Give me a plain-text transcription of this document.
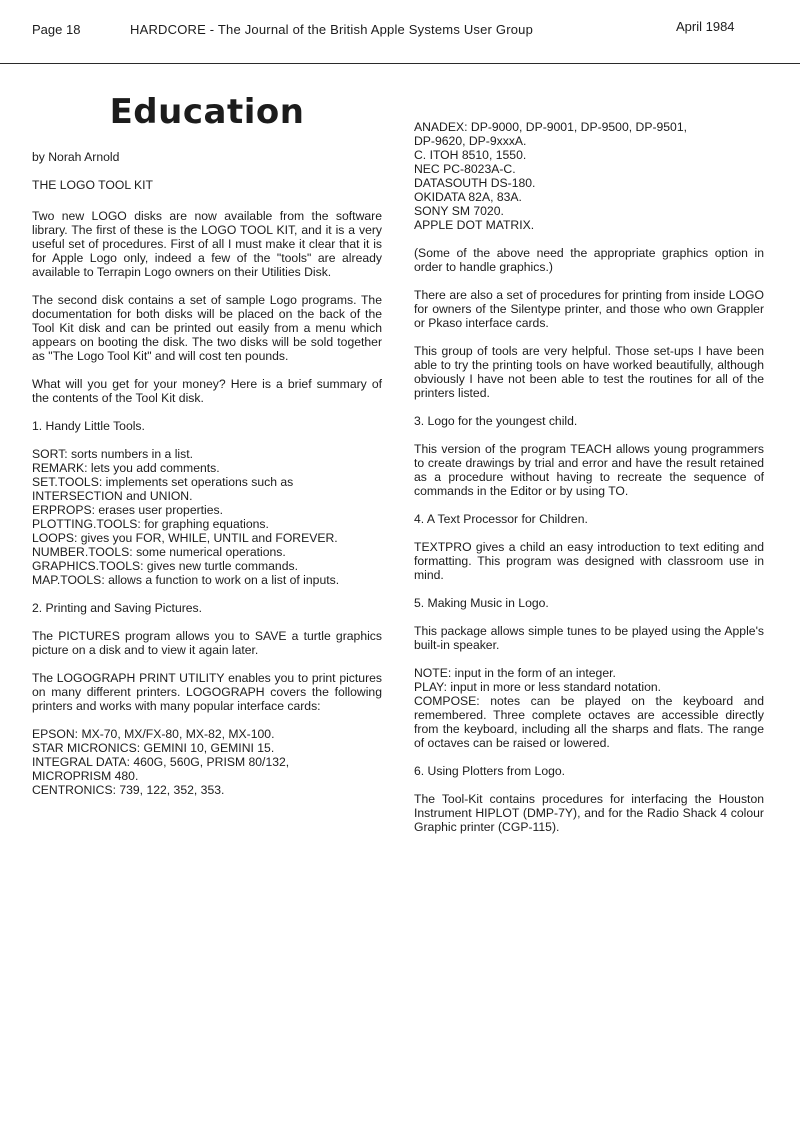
Page 18	HARDCORE - The Journal of the British Apple Systems User Group	April 1984
Education
by Norah Arnold
THE LOGO TOOL KIT

Two new LOGO disks are now available from the software library. The first of these is the LOGO TOOL KIT, and it is a very useful set of procedures. First of all I must make it clear that it is for Apple Logo only, indeed a few of the "tools" are already available to Terrapin Logo owners on their Utilities Disk.

The second disk contains a set of sample Logo programs. The documentation for both disks will be placed on the back of the Tool Kit disk and can be printed out easily from a menu which appears on booting the disk. The two disks will be sold together as "The Logo Tool Kit" and will cost ten pounds.

What will you get for your money? Here is a brief summary of the contents of the Tool Kit disk.

1. Handy Little Tools.
SORT: sorts numbers in a list.
REMARK: lets you add comments.
SET.TOOLS: implements set operations such as INTERSECTION and UNION.
ERPROPS: erases user properties.
PLOTTING.TOOLS: for graphing equations.
LOOPS: gives you FOR, WHILE, UNTIL and FOREVER.
NUMBER.TOOLS: some numerical operations.
GRAPHICS.TOOLS: gives new turtle commands.
MAP.TOOLS: allows a function to work on a list of inputs.
2. Printing and Saving Pictures.

The PICTURES program allows you to SAVE a turtle graphics picture on a disk and to view it again later.

The LOGOGRAPH PRINT UTILITY enables you to print pictures on many different printers. LOGOGRAPH covers the following printers and works with many popular interface cards:

EPSON: MX-70, MX/FX-80, MX-82, MX-100.
STAR MICRONICS: GEMINI 10, GEMINI 15.
INTEGRAL DATA: 460G, 560G, PRISM 80/132,
MICROPRISM 480.
CENTRONICS: 739, 122, 352, 353.
ANADEX: DP-9000, DP-9001, DP-9500, DP-9501,
DP-9620, DP-9xxxA.
C. ITOH 8510, 1550.
NEC PC-8023A-C.
DATASOUTH DS-180.
OKIDATA 82A, 83A.
SONY SM 7020.
APPLE DOT MATRIX.

(Some of the above need the appropriate graphics option in order to handle graphics.)

There are also a set of procedures for printing from inside LOGO for owners of the Silentype printer, and those who own Grappler or Pkaso interface cards.

This group of tools are very helpful. Those set-ups I have been able to try the printing tools on have worked beautifully, although obviously I have not been able to test the routines for all of the printers listed.

3. Logo for the youngest child.

This version of the program TEACH allows young programmers to create drawings by trial and error and have the result retained as a procedure without having to recreate the sequence of commands in the Editor or by using TO.

4. A Text Processor for Children.

TEXTPRO gives a child an easy introduction to text editing and formatting. This program was designed with classroom use in mind.

5. Making Music in Logo.

This package allows simple tunes to be played using the Apple's built-in speaker.

NOTE: input in the form of an integer.
PLAY: input in more or less standard notation.
COMPOSE: notes can be played on the keyboard and remembered. Three complete octaves are accessible directly from the keyboard, including all the sharps and flats. The range of octaves can be raised or lowered.
6. Using Plotters from Logo.

The Tool-Kit contains procedures for interfacing the Houston Instrument HIPLOT (DMP-7Y), and for the Radio Shack 4 colour Graphic printer (CGP-115).
